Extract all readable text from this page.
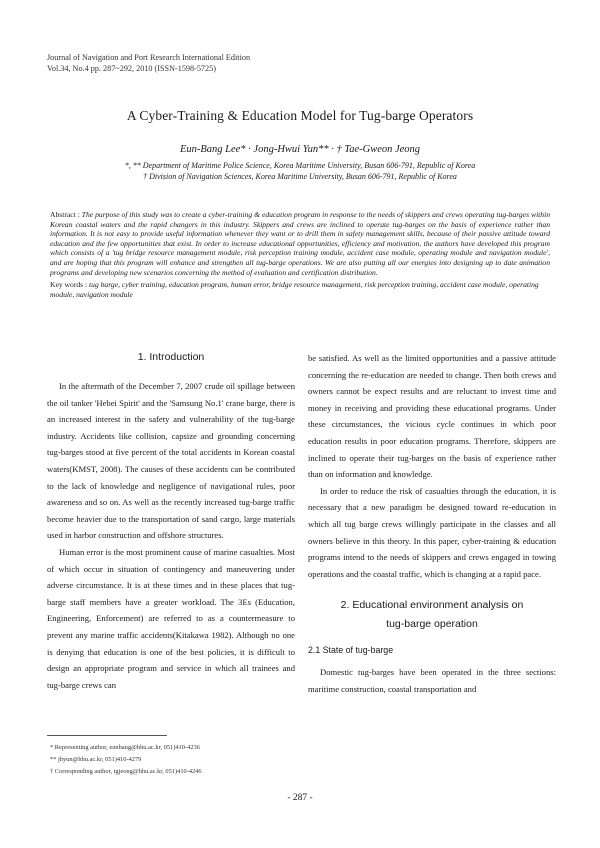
Journal of Navigation and Port Research International Edition
Vol.34, No.4 pp. 287~292, 2010 (ISSN-1598-5725)
A Cyber-Training & Education Model for Tug-barge Operators
Eun-Bang Lee* · Jong-Hwui Yun** · † Tae-Gweon Jeong
*, ** Department of Maritime Police Science, Korea Maritime University, Busan 606-791, Republic of Korea
† Division of Navigation Sciences, Korea Maritime University, Busan 606-791, Republic of Korea
Abstract : The purpose of this study was to create a cyber-training & education program in response to the needs of skippers and crews operating tug-barges within Korean coastal waters and the rapid changers in this industry. Skippers and crews are inclined to operate tug-barges on the basis of experience rather than information. It is not easy to provide useful information whenever they want or to drill them in safety management skills, because of their passive attitude toward education and the few opportunities that exist. In order to increase educational opportunities, efficiency and motivation, the authors have developed this program which consists of a 'tug bridge resource management module, risk perception training module, accident case module, operating module and navigation module', and are hoping that this program will enhance and strengthen all tug-barge operations. We are also putting all our energies into designing up to date animation programs and developing new scenarios concerning the method of evaluation and certification distribution.
Key words : tug barge, cyber training, education program, human error, bridge resource management, risk perception training, accident case module, operating module, navigation module
1. Introduction

In the aftermath of the December 7, 2007 crude oil spillage between the oil tanker 'Hebei Spirit' and the 'Samsung No.1' crane barge, there is an increased interest in the safety and vulnerability of the tug-barge industry. Accidents like collision, capsize and grounding concerning tug-barges stood at five percent of the total accidents in Korean coastal waters(KMST, 2008). The causes of these accidents can be contributed to the lack of knowledge and negligence of navigational rules, poor awareness and so on. As well as the recently increased tug-barge traffic become heavier due to the transportation of sand cargo, large materials used in harbor construction and offshore structures.

Human error is the most prominent cause of marine casualties. Most of which occur in situation of contingency and maneuvering under adverse circumstance. It is at these times and in these places that tug-barge staff members have a greater workload. The 3Es (Education, Engineering, Enforcement) are referred to as a countermeasure to prevent any marine traffic accidents(Kitakawa 1982). Although no one is denying that education is one of the best policies, it is difficult to design an appropriate program and service in which all trainees and tug-barge crews can

be satisfied. As well as the limited opportunities and a passive attitude concerning the re-education are needed to change. Then both crews and owners cannot be expect results and are reluctant to invest time and money in receiving and providing these educational programs. Under these circumstances, the vicious cycle continues in which poor education results in poor education programs. Therefore, skippers are inclined to operate their tug-barges on the basis of experience rather than on information and knowledge.

In order to reduce the risk of casualties through the education, it is necessary that a new paradigm be designed toward re-education in which all tug barge crews willingly participate in the classes and all owners believe in this theory. In this paper, cyber-training & education programs intend to the needs of skippers and crews engaged in towing operations and the coastal traffic, which is changing at a rapid pace.

2. Educational environment analysis on
tug-barge operation
2.1 State of tug-barge

Domestic tug-barges have been operated in the three sections: maritime construction, coastal transportation and

* Representing author, eunbang@hhu.ac.kr, 051)410-4236
** jhyun@hhu.ac.kr, 051)410-4279
† Corresponding author, tgjeong@hhu.ac.kr, 051)410-4246
- 287 -
